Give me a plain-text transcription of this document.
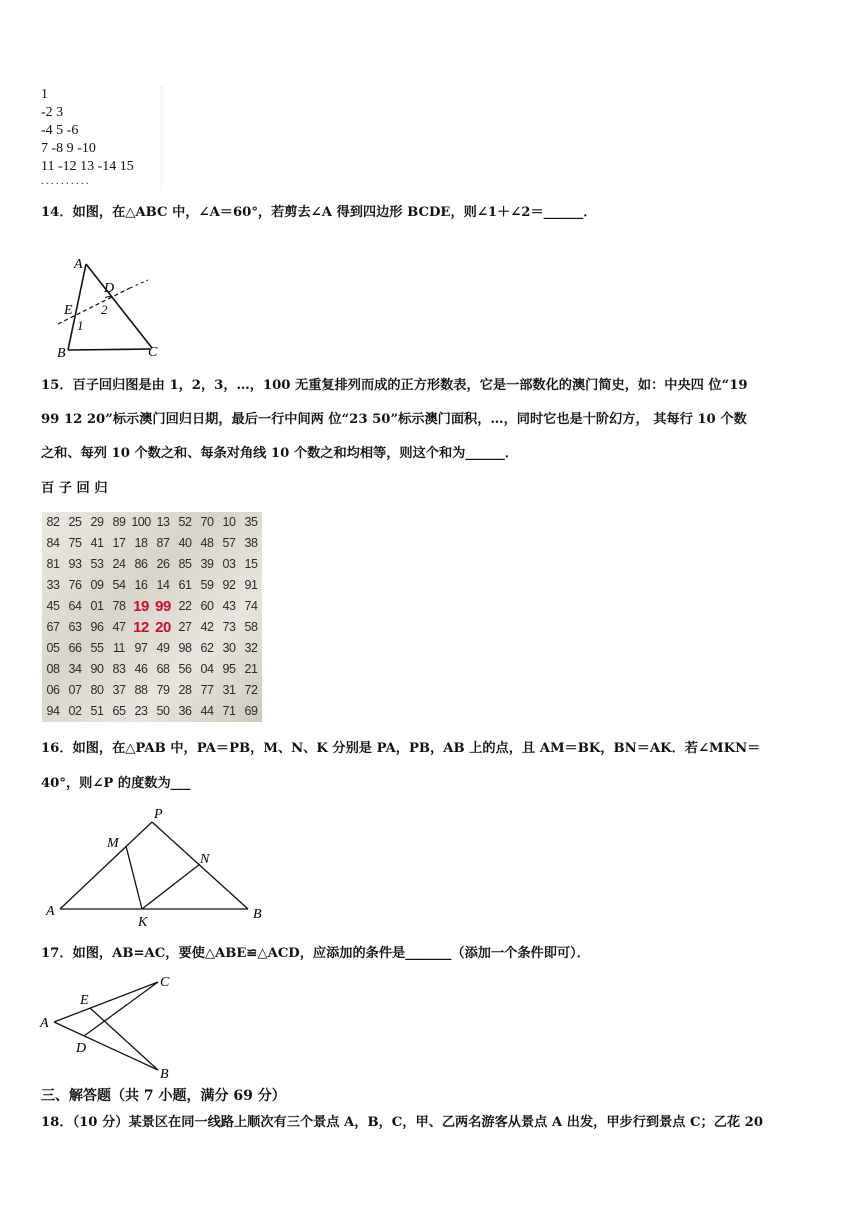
1
-2 3
-4 5 -6
7 -8 9 -10
11 -12 13 -14 15
. . . . . . . . . .
14．如图，在△ABC 中，∠A＝60°，若剪去∠A 得到四边形 BCDE，则∠1＋∠2＝______．
A
D
E
1
2
B	C
15．百子回归图是由 1，2，3，…，100 无重复排列而成的正方形数表，它是一部数化的澳门简史，如：中央四 位“19
99 12 20”标示澳门回归日期，最后一行中间两 位“23 50”标示澳门面积，…，同时它也是十阶幻方， 其每行 10 个数
之和、每列 10 个数之和、每条对角线 10 个数之和均相等，则这个和为______．
百 子 回 归
82 25 29 89 100 13 52 70 10 35
84 75 41 17 18 87 40 48 57 38
81 93 53 24 86 26 85 39 03 15
33 76 09 54 16 14 61 59 92 91
45 64 01 78 19 99 22 60 43 74
67 63 96 47 12 20 27 42 73 58
05 66 55 11 97 49 98 62 30 32
08 34 90 83 46 68 56 04 95 21
06 07 80 37 88 79 28 77 31 72
94 02 51 65 23 50 36 44 71 69
16．如图，在△PAB 中，PA＝PB，M、N、K 分别是 PA，PB，AB 上的点，且 AM＝BK，BN＝AK．若∠MKN＝
40°，则∠P 的度数为___
P
M
N
A
K
B
17．如图，AB=AC，要使△ABE≌△ACD，应添加的条件是_______（添加一个条件即可）．
C
E
A
D
B
三、解答题（共 7 小题，满分 69 分）
18．（10 分）某景区在同一线路上顺次有三个景点 A，B，C，甲、乙两名游客从景点 A 出发，甲步行到景点 C；乙花 20
